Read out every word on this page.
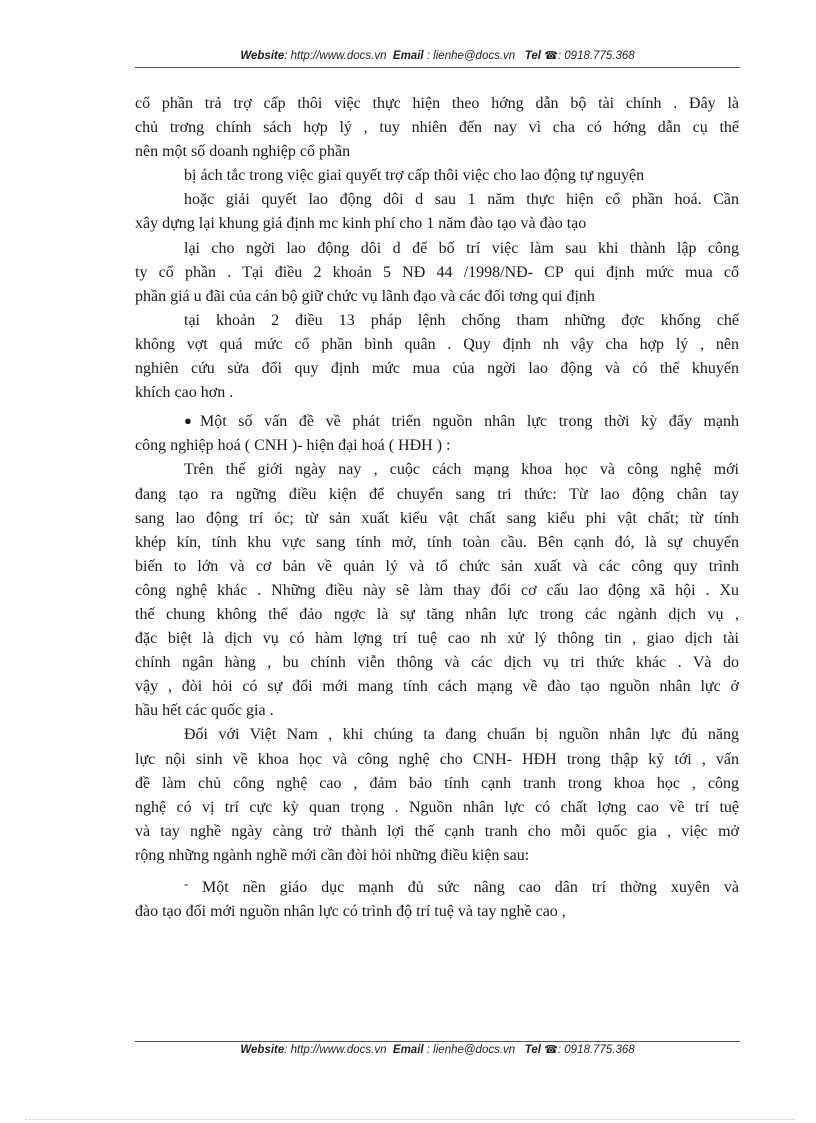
Website: http://www.docs.vn Email : lienhe@docs.vn Tel ☎: 0918.775.368

cổ phần trả trợ cấp thôi việc thực hiện theo hớng dẫn bộ tài chính . Đây là
chủ trơng chính sách hợp lý , tuy nhiên đến nay vì cha có hớng dẫn cụ thể
nên một số doanh nghiệp cổ phần

bị ách tắc trong việc giai quyết trợ cấp thôi việc cho lao động tự nguyện

hoặc giải quyết lao động dôi d sau 1 năm thực hiện cổ phần hoá. Cần
xây dựng lại khung giá định mc kinh phí cho 1 năm đào tạo và đào tạo

lại cho ngời lao động dôi d để bố trí việc làm sau khi thành lập công
ty cổ phần . Tại điều 2 khoản 5 NĐ 44 /1998/NĐ- CP qui định mức mua cổ
phần giá u đãi của cán bộ giữ chức vụ lãnh đạo và các đối tơng qui định

tại khoản 2 điều 13 pháp lệnh chống tham những đợc khống chế
không vợt quá mức cổ phần bình quân . Quy định nh vậy cha hợp lý , nên
nghiên cứu sửa đổi quy định mức mua của ngời lao động và có thể khuyến
khích cao hơn .

● Một số vấn đề về phát triển nguồn nhân lực trong thời kỳ đẩy mạnh
công nghiệp hoá ( CNH )- hiện đại hoá ( HĐH ) :

Trên thế giới ngày nay , cuộc cách mạng khoa học và công nghệ mới
đang tạo ra ngững điều kiện để chuyển sang tri thức: Từ lao động chân tay
sang lao động trí óc; từ sản xuất kiểu vật chất sang kiểu phi vật chất; từ tính
khép kín, tính khu vực sang tính mở, tính toàn cầu. Bên cạnh đó, là sự chuyển
biến to lớn và cơ bản về quản lý và tổ chức sản xuất và các công quy trình
công nghệ khác . Những điều này sẽ làm thay đổi cơ cấu lao động xã hội . Xu
thế chung không thể đảo ngợc là sự tăng nhân lực trong các ngành dịch vụ ,
đặc biệt là dịch vụ có hàm lợng trí tuệ cao nh xử lý thông tin , giao dịch tài
chính ngân hàng , bu chính viễn thông và các dịch vụ tri thức khác . Và do
vậy , đòi hỏi có sự đổi mới mang tính cách mạng về đào tạo nguồn nhân lực ở
hầu hết các quốc gia .

Đối với Việt Nam , khi chúng ta đang chuẩn bị nguồn nhân lực đủ năng
lực nội sinh về khoa học và công nghệ cho CNH- HĐH trong thập kỷ tới , vấn
đề làm chủ công nghệ cao , đảm bảo tính cạnh tranh trong khoa học , công
nghệ có vị trí cực kỳ quan trọng . Nguồn nhân lực có chất lợng cao về trí tuệ
và tay nghề ngày càng trở thành lợi thế cạnh tranh cho mỗi quốc gia , việc mở
rộng những ngành nghề mới cần đòi hỏi những điều kiện sau:

- Một nền giáo dục mạnh đủ sức nâng cao dân trí thờng xuyên và
đào tạo đổi mới nguồn nhân lực có trình độ trí tuệ và tay nghề cao ,

Website: http://www.docs.vn Email : lienhe@docs.vn Tel ☎: 0918.775.368
